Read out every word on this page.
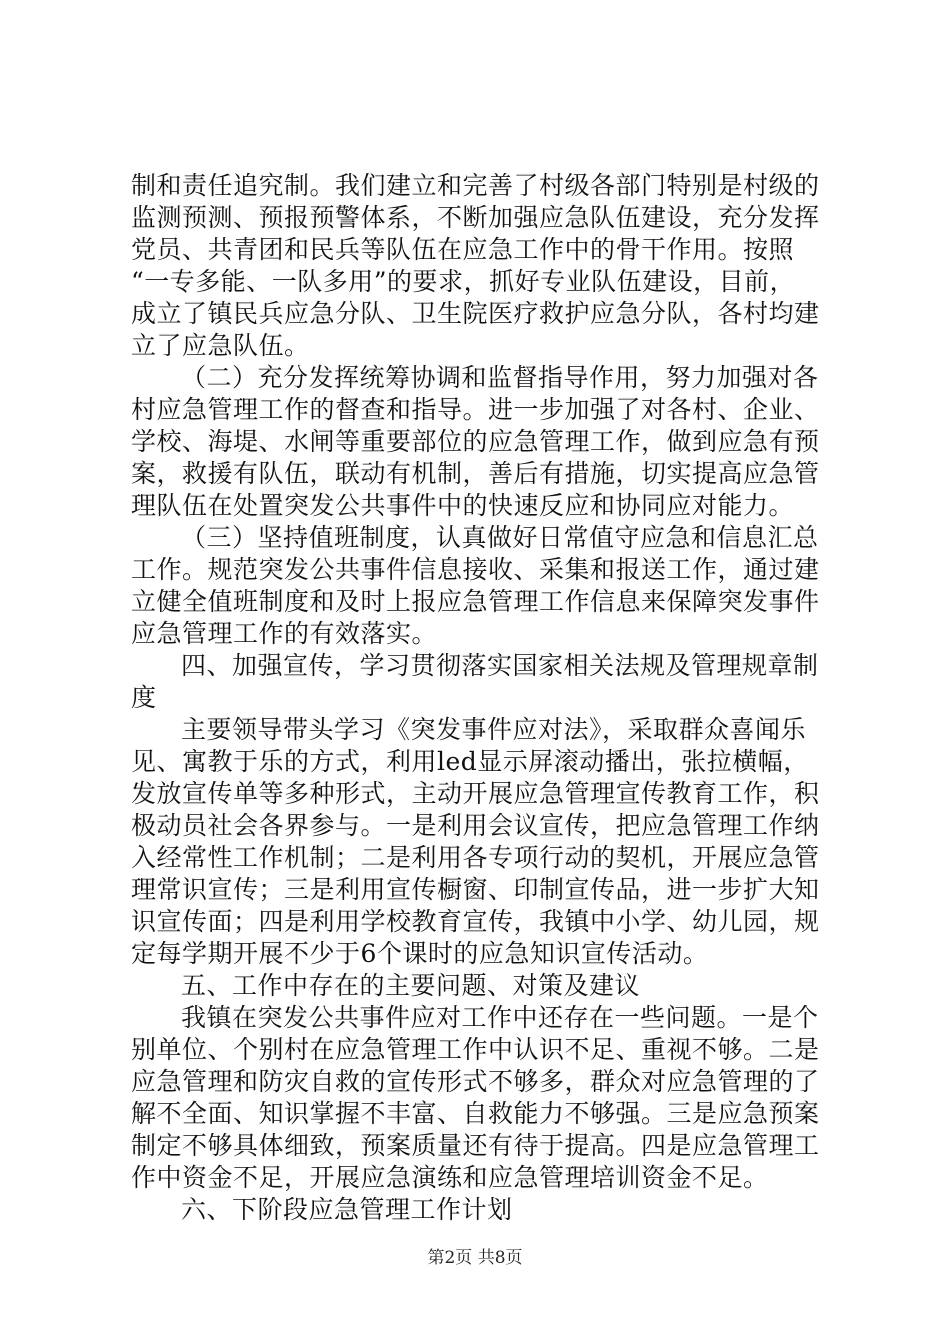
制和责任追究制。我们建立和完善了村级各部门特别是村级的
监测预测、预报预警体系，不断加强应急队伍建设，充分发挥
党员、共青团和民兵等队伍在应急工作中的骨干作用。按照
“一专多能、一队多用”的要求，抓好专业队伍建设，目前，
成立了镇民兵应急分队、卫生院医疗救护应急分队，各村均建
立了应急队伍。
（二）充分发挥统筹协调和监督指导作用，努力加强对各
村应急管理工作的督查和指导。进一步加强了对各村、企业、
学校、海堤、水闸等重要部位的应急管理工作，做到应急有预
案，救援有队伍，联动有机制，善后有措施，切实提高应急管
理队伍在处置突发公共事件中的快速反应和协同应对能力。
（三）坚持值班制度，认真做好日常值守应急和信息汇总
工作。规范突发公共事件信息接收、采集和报送工作，通过建
立健全值班制度和及时上报应急管理工作信息来保障突发事件
应急管理工作的有效落实。
四、加强宣传，学习贯彻落实国家相关法规及管理规章制
度
主要领导带头学习《突发事件应对法》，采取群众喜闻乐
见、寓教于乐的方式，利用led显示屏滚动播出，张拉横幅，
发放宣传单等多种形式，主动开展应急管理宣传教育工作，积
极动员社会各界参与。一是利用会议宣传，把应急管理工作纳
入经常性工作机制；二是利用各专项行动的契机，开展应急管
理常识宣传；三是利用宣传橱窗、印制宣传品，进一步扩大知
识宣传面；四是利用学校教育宣传，我镇中小学、幼儿园，规
定每学期开展不少于6个课时的应急知识宣传活动。
五、工作中存在的主要问题、对策及建议
我镇在突发公共事件应对工作中还存在一些问题。一是个
别单位、个别村在应急管理工作中认识不足、重视不够。二是
应急管理和防灾自救的宣传形式不够多，群众对应急管理的了
解不全面、知识掌握不丰富、自救能力不够强。三是应急预案
制定不够具体细致，预案质量还有待于提高。四是应急管理工
作中资金不足，开展应急演练和应急管理培训资金不足。
六、下阶段应急管理工作计划
第2页 共8页
